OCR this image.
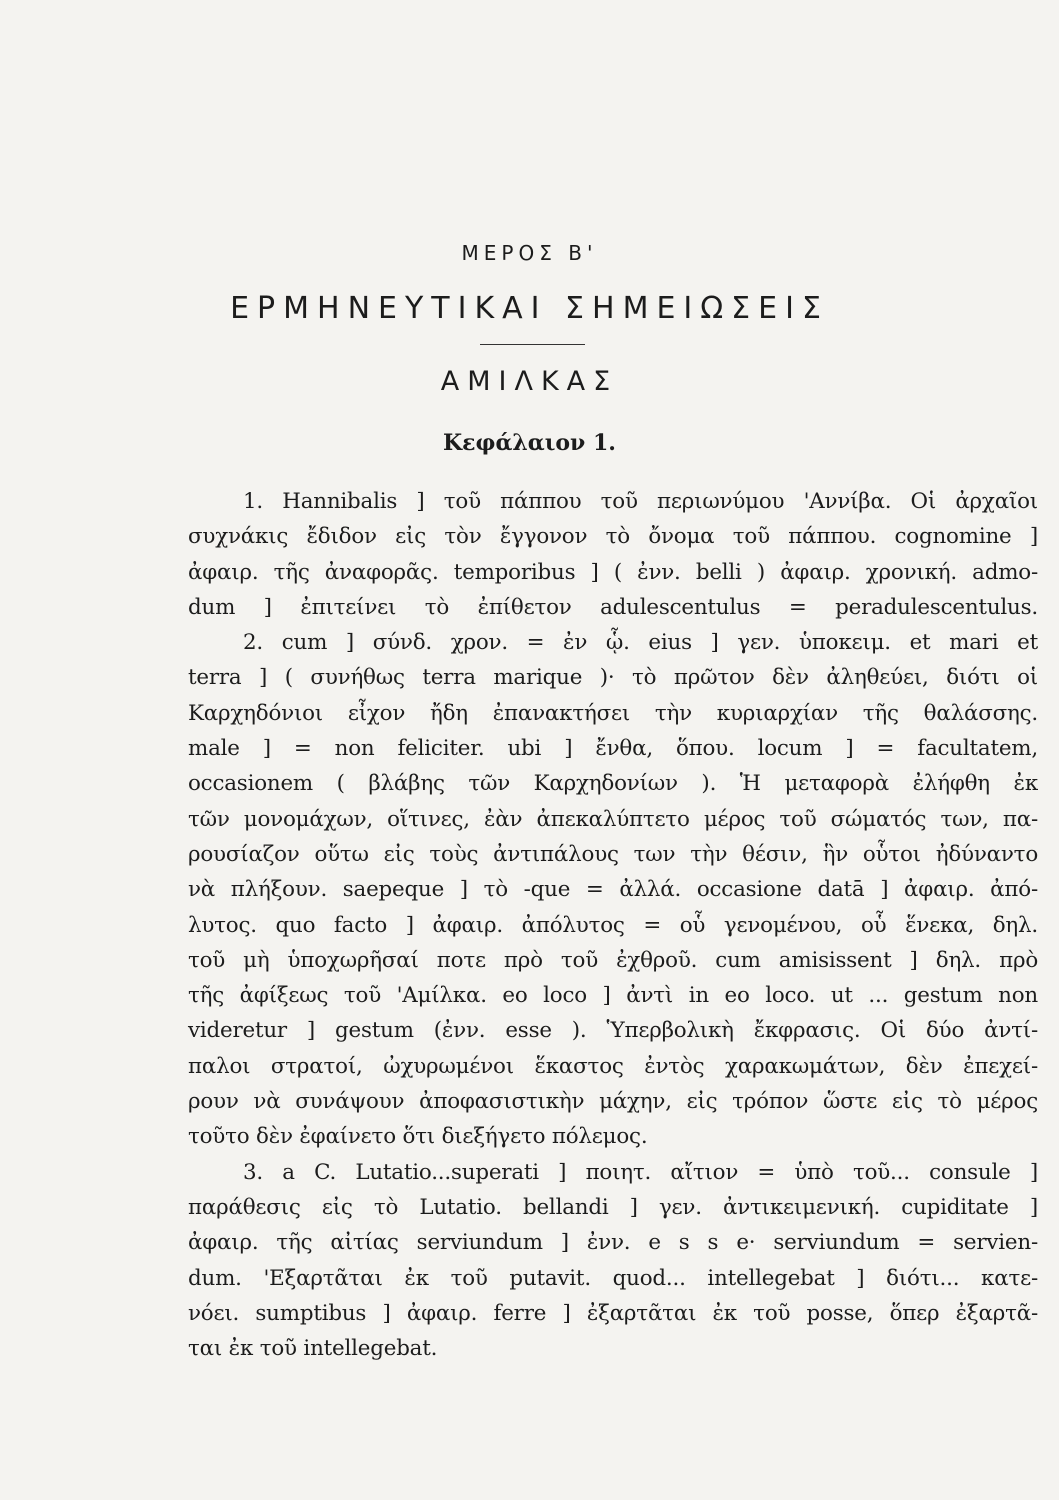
ΜΕΡΟΣ Β'
ΕΡΜΗΝΕΥΤΙΚΑΙ ΣΗΜΕΙΩΣΕΙΣ
ΑΜΙΛΚΑΣ
Κεφάλαιον 1.
1. Hannibalis ] τοῦ πάππου τοῦ περιωνύμου 'Αννίβα. Οἱ ἀρχαῖοι
συχνάκις ἔδιδον εἰς τὸν ἔγγονον τὸ ὄνομα τοῦ πάππου. cognomine ]
ἀφαιρ. τῆς ἀναφορᾶς. temporibus ] ( ἐνν. belli ) ἀφαιρ. χρονική. admo-
dum ] ἐπιτείνει τὸ ἐπίθετον adulescentulus = peradulescentulus.
2. cum ] σύνδ. χρον. = ἐν ᾧ. eius ] γεν. ὑποκειμ. et mari et
terra ] ( συνήθως terra marique )· τὸ πρῶτον δὲν ἀληθεύει, διότι οἱ
Καρχηδόνιοι εἶχον ἤδη ἐπανακτήσει τὴν κυριαρχίαν τῆς θαλάσσης.
male ] = non feliciter. ubi ] ἔνθα, ὅπου. locum ] = facultatem,
occasionem ( βλάβης τῶν Καρχηδονίων ). Ἡ μεταφορὰ ἐλήφθη ἐκ
τῶν μονομάχων, οἵτινες, ἐὰν ἀπεκαλύπτετο μέρος τοῦ σώματός των, πα-
ρουσίαζον οὕτω εἰς τοὺς ἀντιπάλους των τὴν θέσιν, ἣν οὗτοι ἠδύναντο
νὰ πλήξουν. saepeque ] τὸ -que = ἀλλά. occasione datā ] ἀφαιρ. ἀπό-
λυτος. quo facto ] ἀφαιρ. ἀπόλυτος = οὗ γενομένου, οὗ ἕνεκα, δηλ.
τοῦ μὴ ὑποχωρῆσαί ποτε πρὸ τοῦ ἐχθροῦ. cum amisissent ] δηλ. πρὸ
τῆς ἀφίξεως τοῦ 'Αμίλκα. eo loco ] ἀντὶ in eo loco. ut ... gestum non
videretur ] gestum (ἐνν. esse ). Ὑπερβολικὴ ἔκφρασις. Οἱ δύο ἀντί-
παλοι στρατοί, ὠχυρωμένοι ἕκαστος ἐντὸς χαρακωμάτων, δὲν ἐπεχεί-
ρουν νὰ συνάψουν ἀποφασιστικὴν μάχην, εἰς τρόπον ὥστε εἰς τὸ μέρος
τοῦτο δὲν ἐφαίνετο ὅτι διεξήγετο πόλεμος.
3. a C. Lutatio...superati ] ποιητ. αἴτιον = ὑπὸ τοῦ... consule ]
παράθεσις εἰς τὸ Lutatio. bellandi ] γεν. ἀντικειμενική. cupiditate ]
ἀφαιρ. τῆς αἰτίας serviundum ] ἐνν. e s s e· serviundum = servien-
dum. 'Εξαρτᾶται ἐκ τοῦ putavit. quod... intellegebat ] διότι... κατε-
νόει. sumptibus ] ἀφαιρ. ferre ] ἐξαρτᾶται ἐκ τοῦ posse, ὅπερ ἐξαρτᾶ-
ται ἐκ τοῦ intellegebat.
